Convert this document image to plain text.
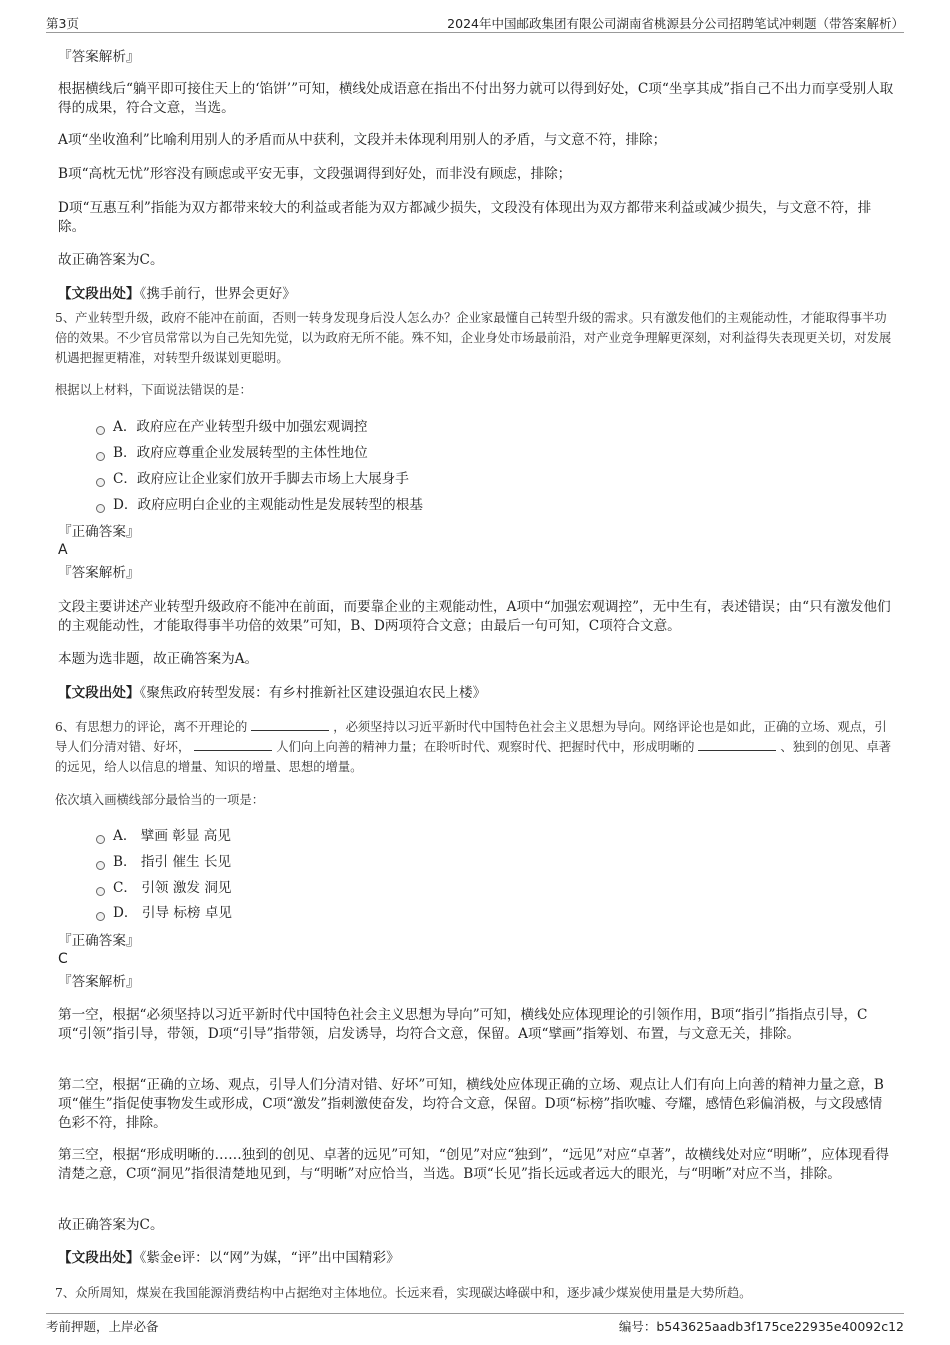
第3页	2024年中国邮政集团有限公司湖南省桃源县分公司招聘笔试冲刺题（带答案解析）
『答案解析』
根据横线后“躺平即可接住天上的‘馅饼’”可知，横线处成语意在指出不付出努力就可以得到好处，C项“坐享其成”指自己不出力而享受别人取得的成果，符合文意，当选。
A项“坐收渔利”比喻利用别人的矛盾而从中获利，文段并未体现利用别人的矛盾，与文意不符，排除；
B项“高枕无忧”形容没有顾虑或平安无事，文段强调得到好处，而非没有顾虑，排除；
D项“互惠互利”指能为双方都带来较大的利益或者能为双方都减少损失，文段没有体现出为双方都带来利益或减少损失，与文意不符，排除。
故正确答案为C。
【文段出处】《携手前行，世界会更好》
5、产业转型升级，政府不能冲在前面，否则一转身发现身后没人怎么办？企业家最懂自己转型升级的需求。只有激发他们的主观能动性，才能取得事半功倍的效果。不少官员常常以为自己先知先觉，以为政府无所不能。殊不知，企业身处市场最前沿，对产业竞争理解更深刻，对利益得失表现更关切，对发展机遇把握更精准，对转型升级谋划更聪明。
根据以上材料，下面说法错误的是：
A．政府应在产业转型升级中加强宏观调控
B．政府应尊重企业发展转型的主体性地位
C．政府应让企业家们放开手脚去市场上大展身手
D．政府应明白企业的主观能动性是发展转型的根基
『正确答案』
A
『答案解析』
文段主要讲述产业转型升级政府不能冲在前面，而要靠企业的主观能动性，A项中“加强宏观调控”，无中生有，表述错误；由“只有激发他们的主观能动性，才能取得事半功倍的效果”可知，B、D两项符合文意；由最后一句可知，C项符合文意。
本题为选非题，故正确答案为A。
【文段出处】《聚焦政府转型发展：有乡村推新社区建设强迫农民上楼》
6、有思想力的评论，离不开理论的	，必须坚持以习近平新时代中国特色社会主义思想为导向。网络评论也是如此，正确的立场、观点，引导人们分清对错、好坏，	人们向上向善的精神力量；在聆听时代、观察时代、把握时代中，形成明晰的	、独到的创见、卓著的远见，给人以信息的增量、知识的增量、思想的增量。
依次填入画横线部分最恰当的一项是：
A． 擘画 彰显 高见
B． 指引 催生 长见
C． 引领 激发 洞见
D． 引导 标榜 卓见
『正确答案』
C
『答案解析』
第一空，根据“必须坚持以习近平新时代中国特色社会主义思想为导向”可知，横线处应体现理论的引领作用，B项“指引”指指点引导，C项“引领”指引导，带领，D项“引导”指带领，启发诱导，均符合文意，保留。A项“擘画”指筹划、布置，与文意无关，排除。
第二空，根据“正确的立场、观点，引导人们分清对错、好坏”可知，横线处应体现正确的立场、观点让人们有向上向善的精神力量之意，B项“催生”指促使事物发生或形成，C项“激发”指刺激使奋发，均符合文意，保留。D项“标榜”指吹嘘、夸耀，感情色彩偏消极，与文段感情色彩不符，排除。
第三空，根据“形成明晰的……独到的创见、卓著的远见”可知，“创见”对应“独到”，“远见”对应“卓著”，故横线处对应“明晰”，应体现看得清楚之意，C项“洞见”指很清楚地见到，与“明晰”对应恰当，当选。B项“长见”指长远或者远大的眼光，与“明晰”对应不当，排除。
故正确答案为C。
【文段出处】《紫金e评：以“网”为媒，“评”出中国精彩》
7、众所周知，煤炭在我国能源消费结构中占据绝对主体地位。长远来看，实现碳达峰碳中和，逐步减少煤炭使用量是大势所趋。
考前押题，上岸必备	编号：b543625aadb3f175ce22935e40092c12
